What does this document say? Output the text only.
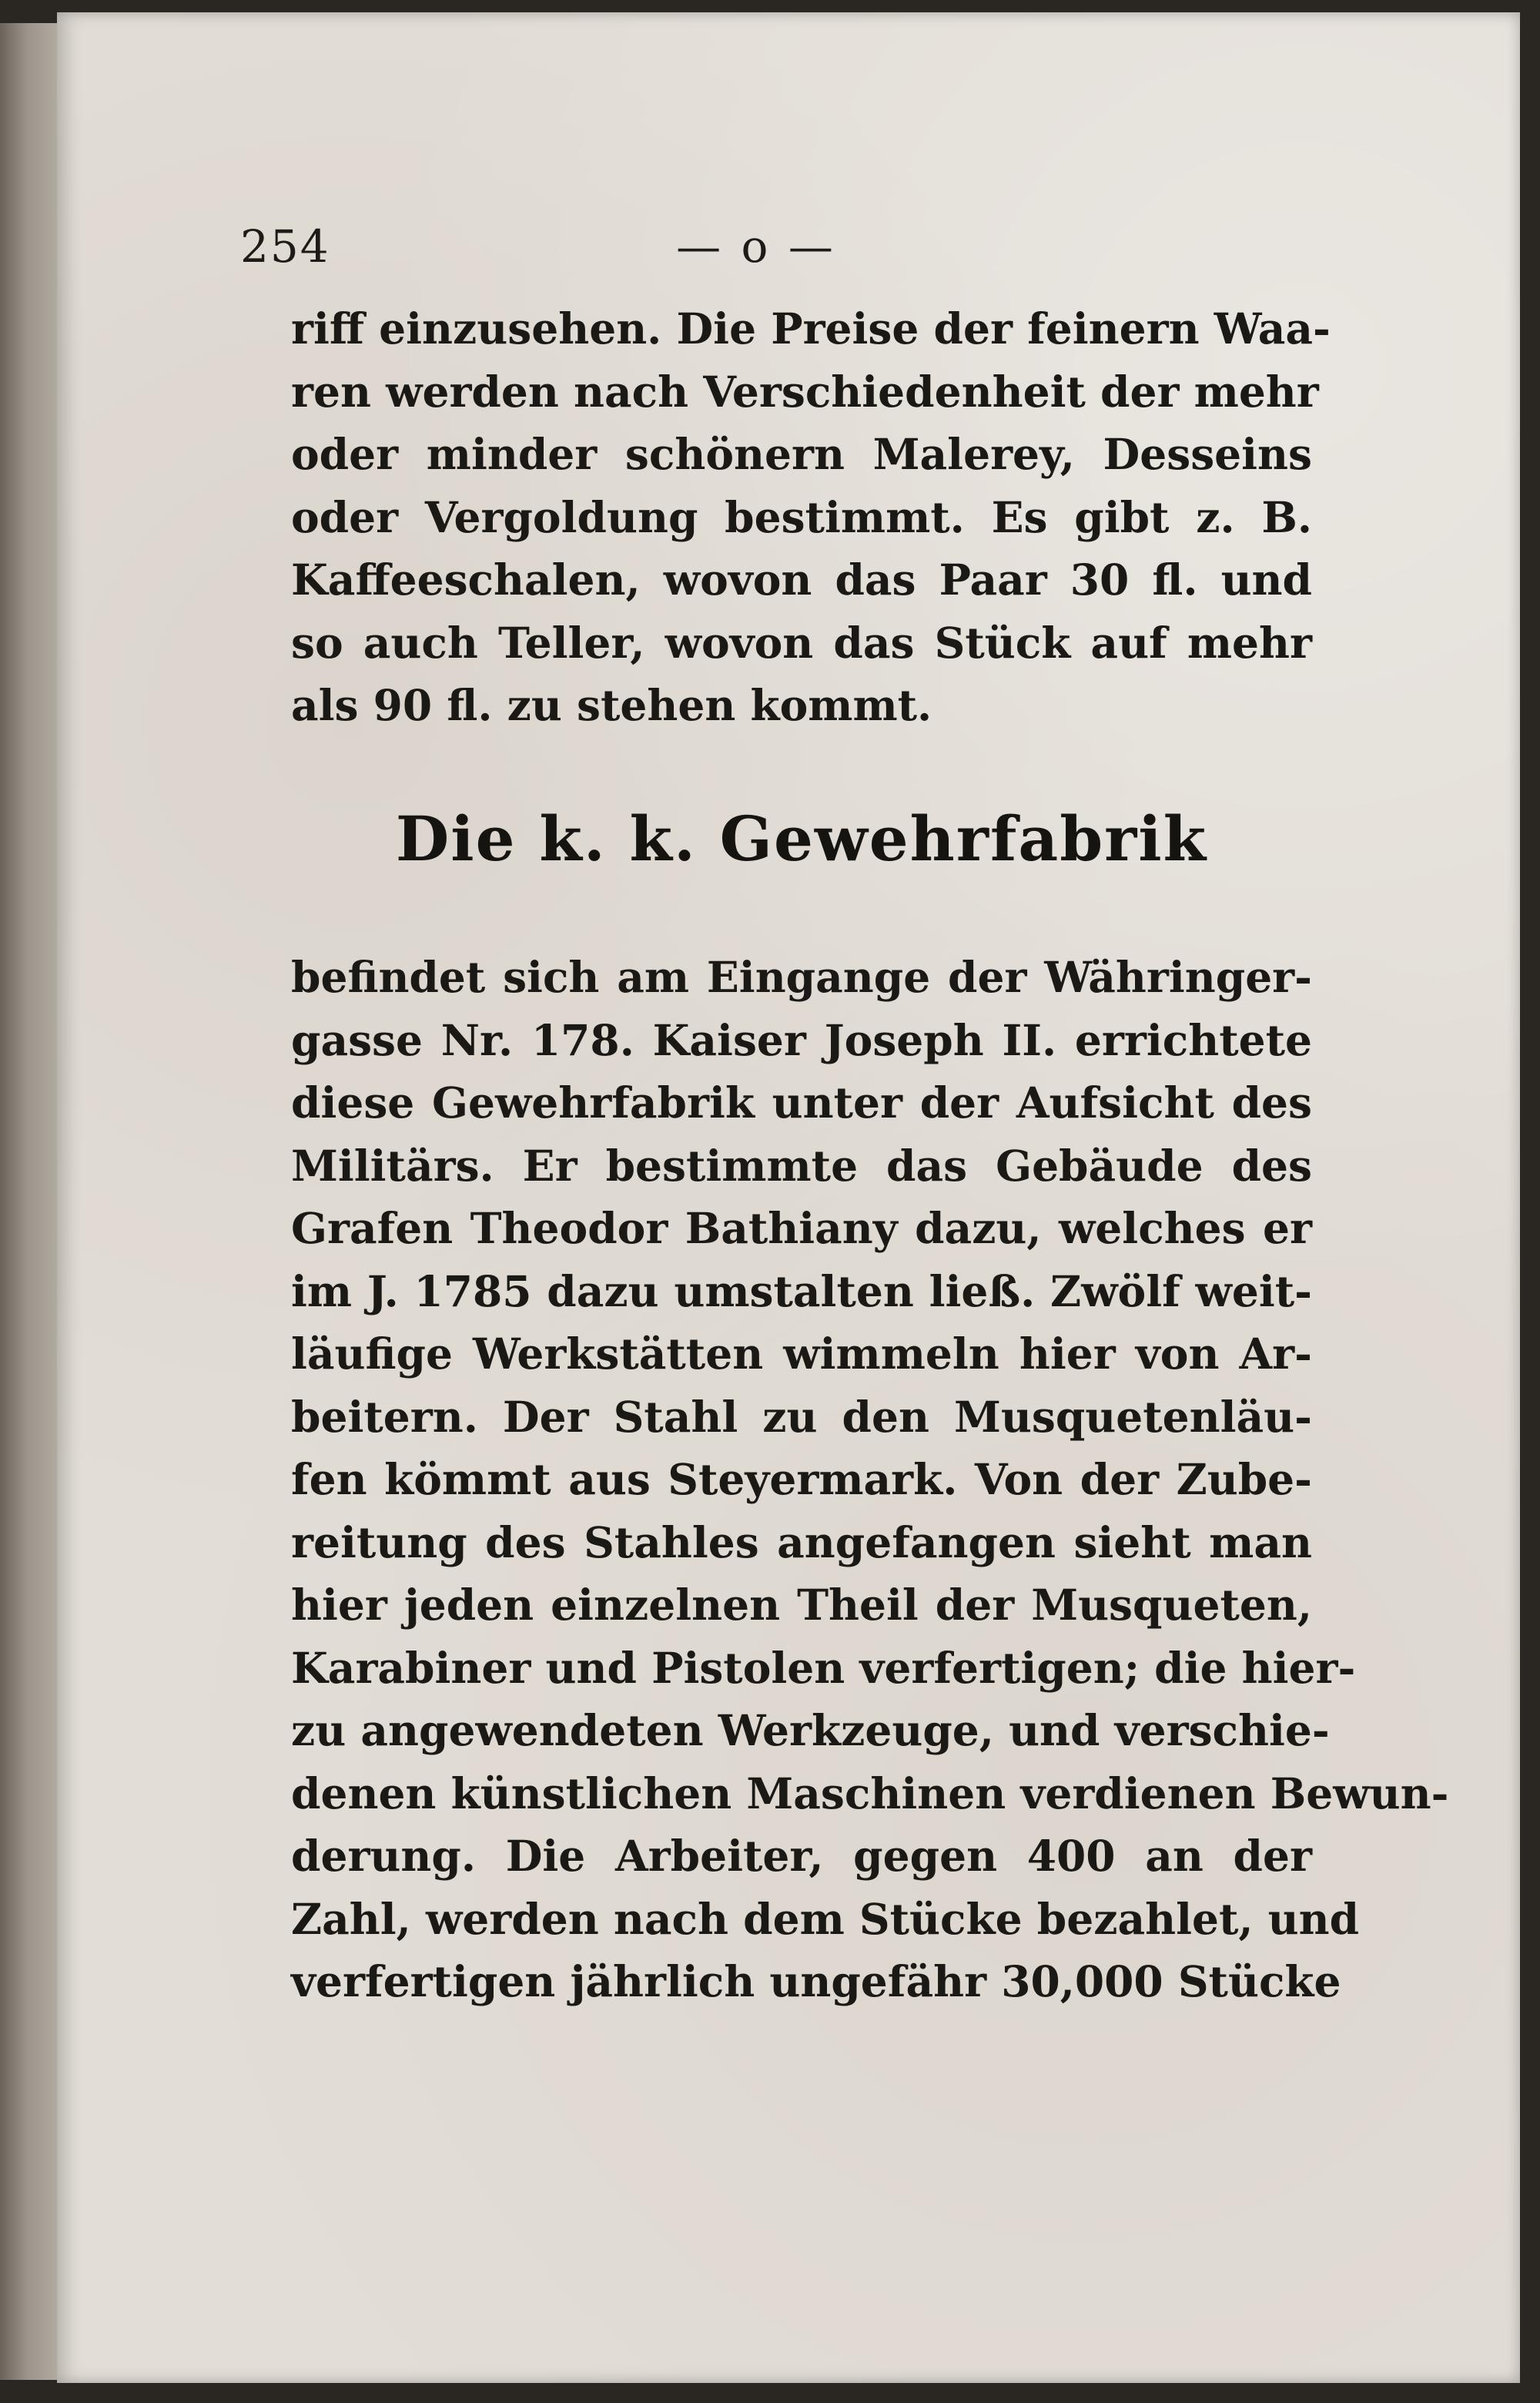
254	— o —
riff einzusehen. Die Preise der feinern Waa-
ren werden nach Verschiedenheit der mehr
oder minder schönern Malerey, Desseins
oder Vergoldung bestimmt. Es gibt z. B.
Kaffeeschalen, wovon das Paar 30 fl. und
so auch Teller, wovon das Stück auf mehr
als 90 fl. zu stehen kommt.
Die k. k. Gewehrfabrik
befindet sich am Eingange der Währinger-
gasse Nr. 178. Kaiser Joseph II. errichtete
diese Gewehrfabrik unter der Aufsicht des
Militärs. Er bestimmte das Gebäude des
Grafen Theodor Bathiany dazu, welches er
im J. 1785 dazu umstalten ließ. Zwölf weit-
läufige Werkstätten wimmeln hier von Ar-
beitern. Der Stahl zu den Musquetenläu-
fen kömmt aus Steyermark. Von der Zube-
reitung des Stahles angefangen sieht man
hier jeden einzelnen Theil der Musqueten,
Karabiner und Pistolen verfertigen; die hier-
zu angewendeten Werkzeuge, und verschie-
denen künstlichen Maschinen verdienen Bewun-
derung. Die Arbeiter, gegen 400 an der
Zahl, werden nach dem Stücke bezahlet, und
verfertigen jährlich ungefähr 30,000 Stücke
